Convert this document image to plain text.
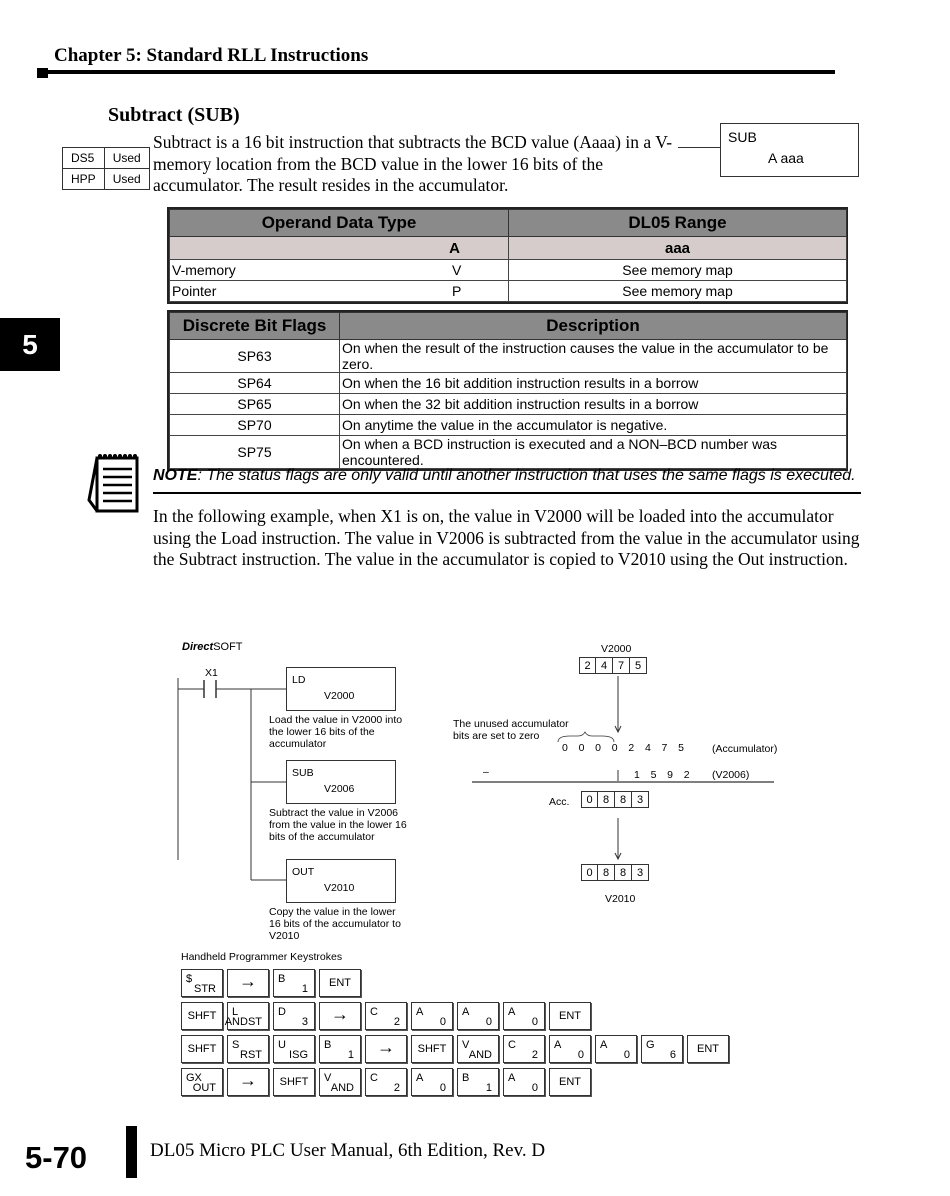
Chapter 5: Standard RLL Instructions
5
Subtract (SUB)
DS5	Used
HPP	Used
Subtract is a 16 bit instruction that subtracts the BCD value (Aaaa) in a V-memory location from the BCD value in the lower 16 bits of the accumulator. The result resides in the accumulator.
SUB
A aaa
Operand Data Type	DL05 Range
A	aaa
V-memory V	See memory map
Pointer P	See memory map
Discrete Bit Flags	Description
SP63	On when the result of the instruction causes the value in the accumulator to be zero.
SP64	On when the 16 bit addition instruction results in a borrow
SP65	On when the 32 bit addition instruction results in a borrow
SP70	On anytime the value in the accumulator is negative.
SP75	On when a BCD instruction is executed and a NON–BCD number was encountered.
NOTE: The status flags are only valid until another instruction that uses the same flags is executed.
In the following example, when X1 is on, the value in V2000 will be loaded into the accumulator using the Load instruction. The value in V2006 is subtracted from the value in the accumulator using the Subtract instruction. The value in the accumulator is copied to V2010 using the Out instruction.
DirectSOFT
X1
LD
V2000
Load the value in V2000 into the lower 16 bits of the accumulator
SUB
V2006
Subtract the value in V2006 from the value in the lower 16 bits of the accumulator
OUT
V2010
Copy the value in the lower 16 bits of the accumulator to V2010
V2000
2 4 7 5
The unused accumulator bits are set to zero
0   0   0   0   2   4   7   5	(Accumulator)
–	1   5   9   2 (V2006)
Acc.	0 8 8 3
0 8 8 3
V2010
Handheld Programmer Keystrokes
$
STR	→	B
1	ENT
SHFT	L
ANDST
D
3	→	C
2
A
0
A
0
A
0	ENT
SHFT	S
RST
U
ISG
B
1	→	SHFT	V
AND
C
2
A
0
A
0
G
6	ENT
GX
OUT	→	SHFT	V
AND
C
2
A
0
B
1
A
0	ENT
5-70	DL05 Micro PLC User Manual, 6th Edition, Rev. D
